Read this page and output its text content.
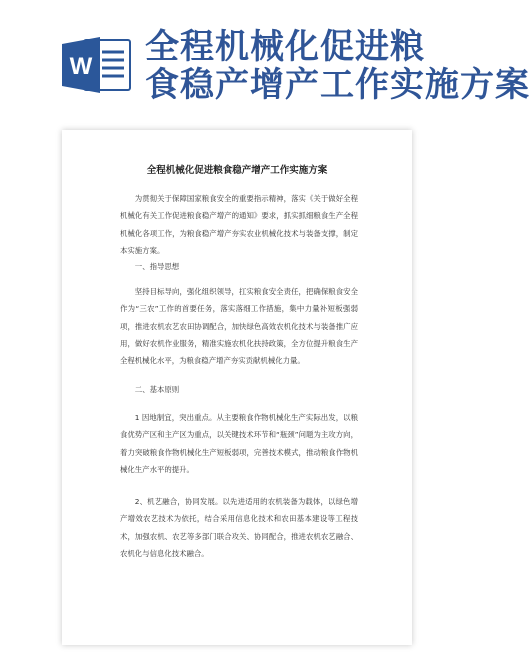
W 全程机械化促进粮
食稳产增产工作实施方案
全程机械化促进粮食稳产增产工作实施方案
为贯彻关于保障国家粮食安全的重要指示精神，落实《关于做好全程机械化有关工作促进粮食稳产增产的通知》要求，抓实抓细粮食生产全程机械化各项工作，为粮食稳产增产夯实农业机械化技术与装备支撑，制定本实施方案。
一、指导思想
坚持目标导向，强化组织领导，扛实粮食安全责任，把确保粮食安全作为“三农”工作的首要任务，落实落细工作措施，集中力量补短板强弱项，推进农机农艺农田协调配合，加快绿色高效农机化技术与装备推广应用，做好农机作业服务，精准实施农机化扶持政策，全方位提升粮食生产全程机械化水平，为粮食稳产增产夯实贡献机械化力量。
二、基本原则
1 因地制宜，突出重点。从主要粮食作物机械化生产实际出发，以粮食优势产区和主产区为重点，以关键技术环节和“瓶颈”问题为主攻方向，着力突破粮食作物机械化生产短板弱项，完善技术模式，推动粮食作物机械化生产水平的提升。
2、机艺融合，协同发展。以先进适用的农机装备为载体，以绿色增产增效农艺技术为依托，结合采用信息化技术和农田基本建设等工程技术，加强农机、农艺等多部门联合攻关、协同配合，推进农机农艺融合、农机化与信息化技术融合。
